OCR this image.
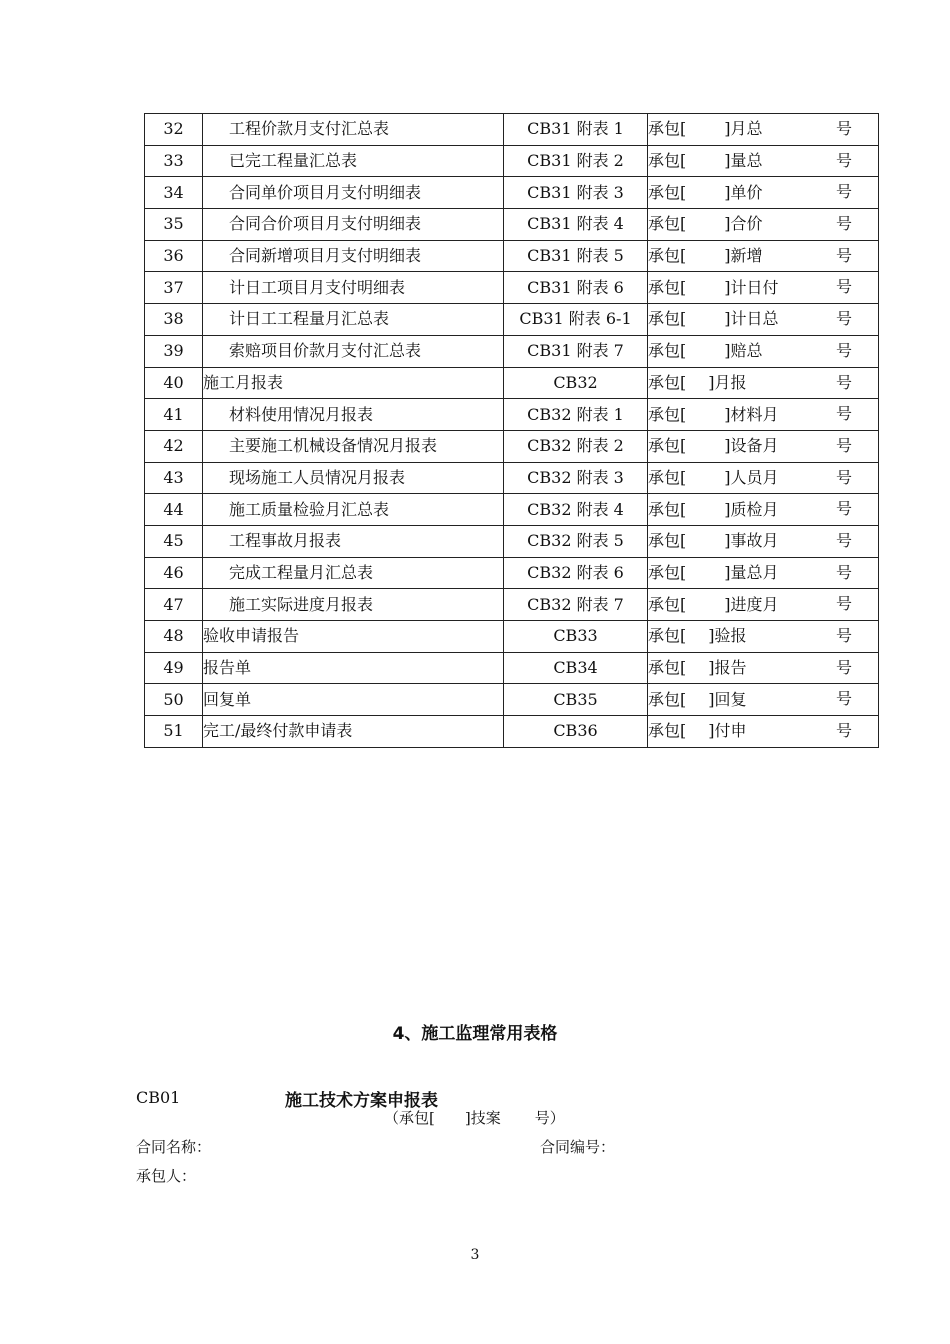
32	工程价款月支付汇总表	CB31 附表 1	承包[ ]月总 号

33	已完工程量汇总表	CB31 附表 2	承包[ ]量总 号

34	合同单价项目月支付明细表	CB31 附表 3	承包[ ]单价 号

35	合同合价项目月支付明细表	CB31 附表 4	承包[ ]合价 号

36	合同新增项目月支付明细表	CB31 附表 5	承包[ ]新增 号

37	计日工项目月支付明细表	CB31 附表 6	承包[ ]计日付 号

38	计日工工程量月汇总表	CB31 附表 6-1	承包[ ]计日总 号

39	索赔项目价款月支付汇总表	CB31 附表 7	承包[ ]赔总 号

40	施工月报表	CB32	承包[ ]月报 号

41	材料使用情况月报表	CB32 附表 1	承包[ ]材料月 号

42	主要施工机械设备情况月报表	CB32 附表 2	承包[ ]设备月 号

43	现场施工人员情况月报表	CB32 附表 3	承包[ ]人员月 号

44	施工质量检验月汇总表	CB32 附表 4	承包[ ]质检月 号

45	工程事故月报表	CB32 附表 5	承包[ ]事故月 号

46	完成工程量月汇总表	CB32 附表 6	承包[ ]量总月 号

47	施工实际进度月报表	CB32 附表 7	承包[ ]进度月 号

48	验收申请报告	CB33	承包[ ]验报 号

49	报告单	CB34	承包[ ]报告 号

50	回复单	CB35	承包[ ]回复 号

51	完工/最终付款申请表	CB36	承包[ ]付申 号
4、施工监理常用表格
CB01	施工技术方案申报表
（承包[ ]技案 号）
合同名称：	合同编号：
承包人：
3
